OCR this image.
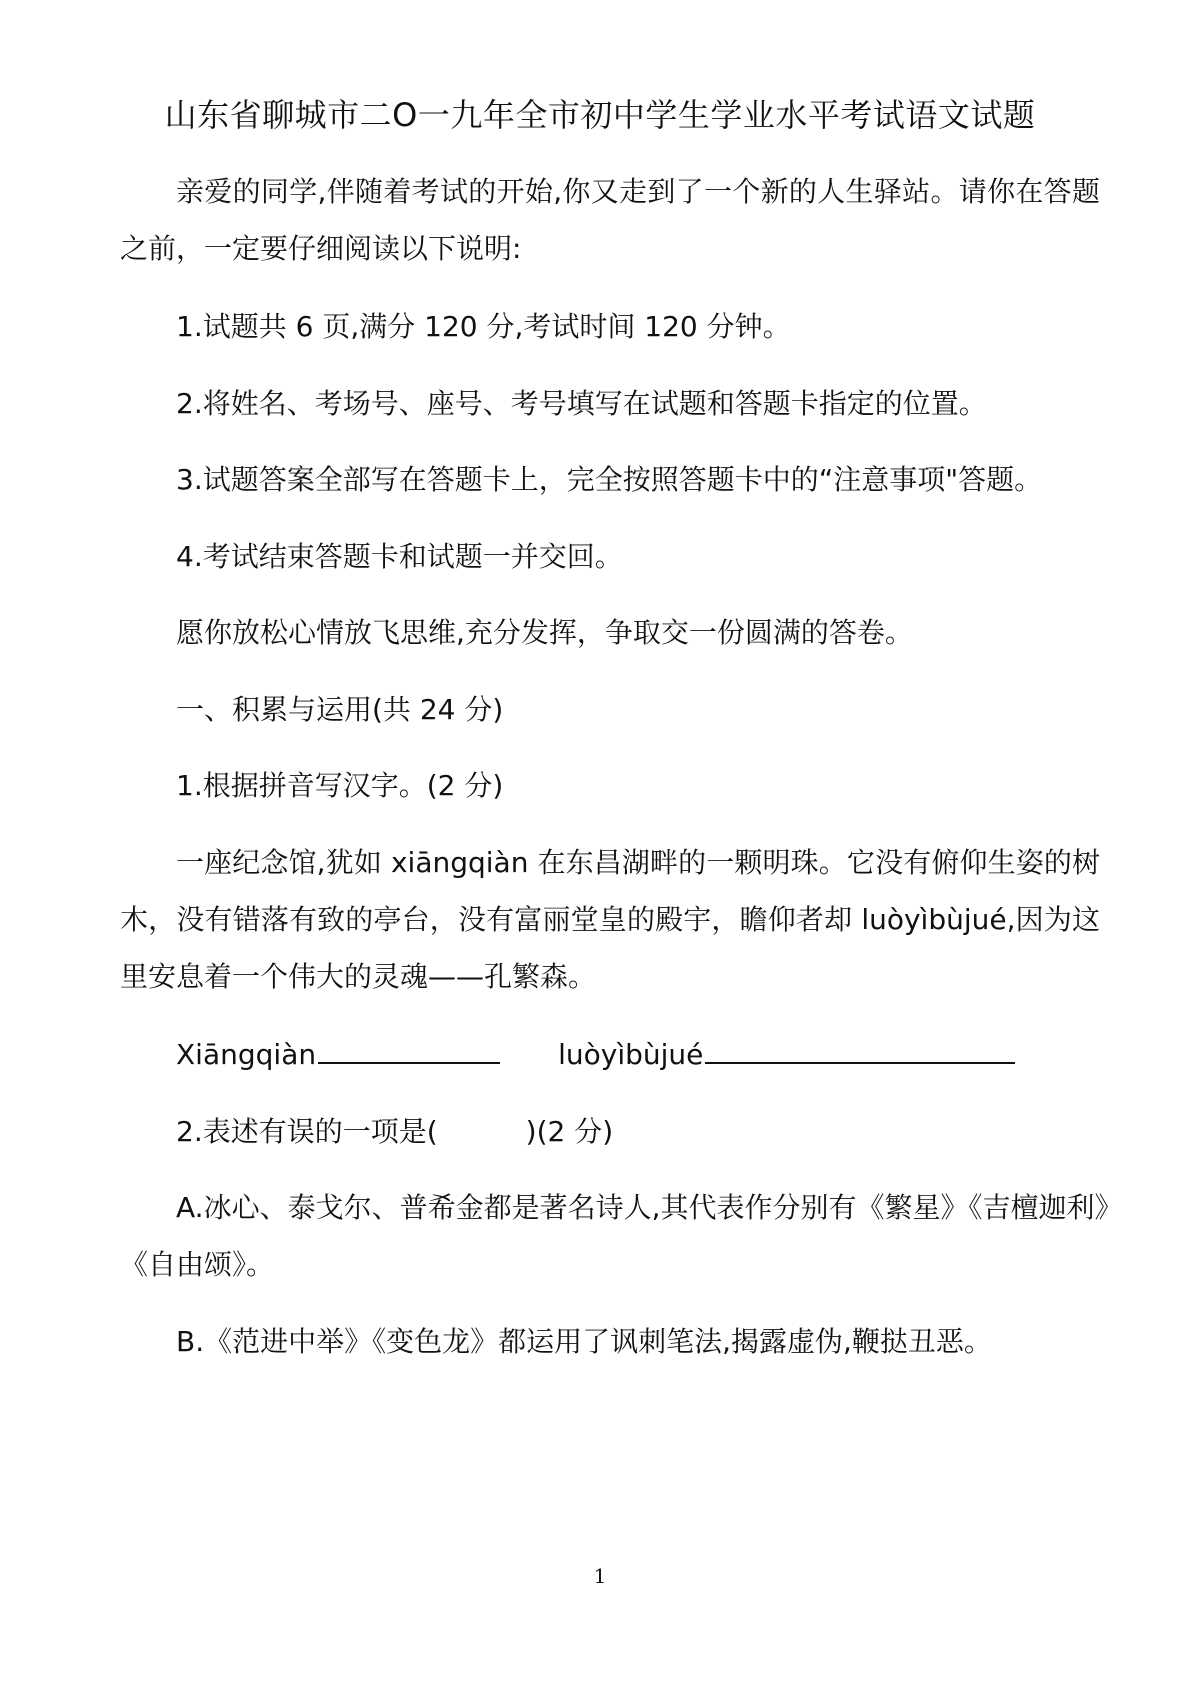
山东省聊城市二O一九年全市初中学生学业水平考试语文试题
亲爱的同学,伴随着考试的开始,你又走到了一个新的人生驿站。请你在答题
之前，一定要仔细阅读以下说明:
1.试题共 6 页,满分 120 分,考试时间 120 分钟。
2.将姓名、考场号、座号、考号填写在试题和答题卡指定的位置。
3.试题答案全部写在答题卡上，完全按照答题卡中的“注意事项"答题。
4.考试结束答题卡和试题一并交回。
愿你放松心情放飞思维,充分发挥，争取交一份圆满的答卷。
一、积累与运用(共 24 分)
1.根据拼音写汉字。(2 分)
一座纪念馆,犹如 xiāngqiàn 在东昌湖畔的一颗明珠。它没有俯仰生姿的树
木，没有错落有致的亭台，没有富丽堂皇的殿宇，瞻仰者却 luòyìbùjué,因为这
里安息着一个伟大的灵魂——孔繁森。
Xiāngqiàn	luòyìbùjué
2.表述有误的一项是(	)(2 分)
A.冰心、泰戈尔、普希金都是著名诗人,其代表作分别有《繁星》《吉檀迦利》
《自由颂》。
B.《范进中举》《变色龙》都运用了讽刺笔法,揭露虚伪,鞭挞丑恶。
1
